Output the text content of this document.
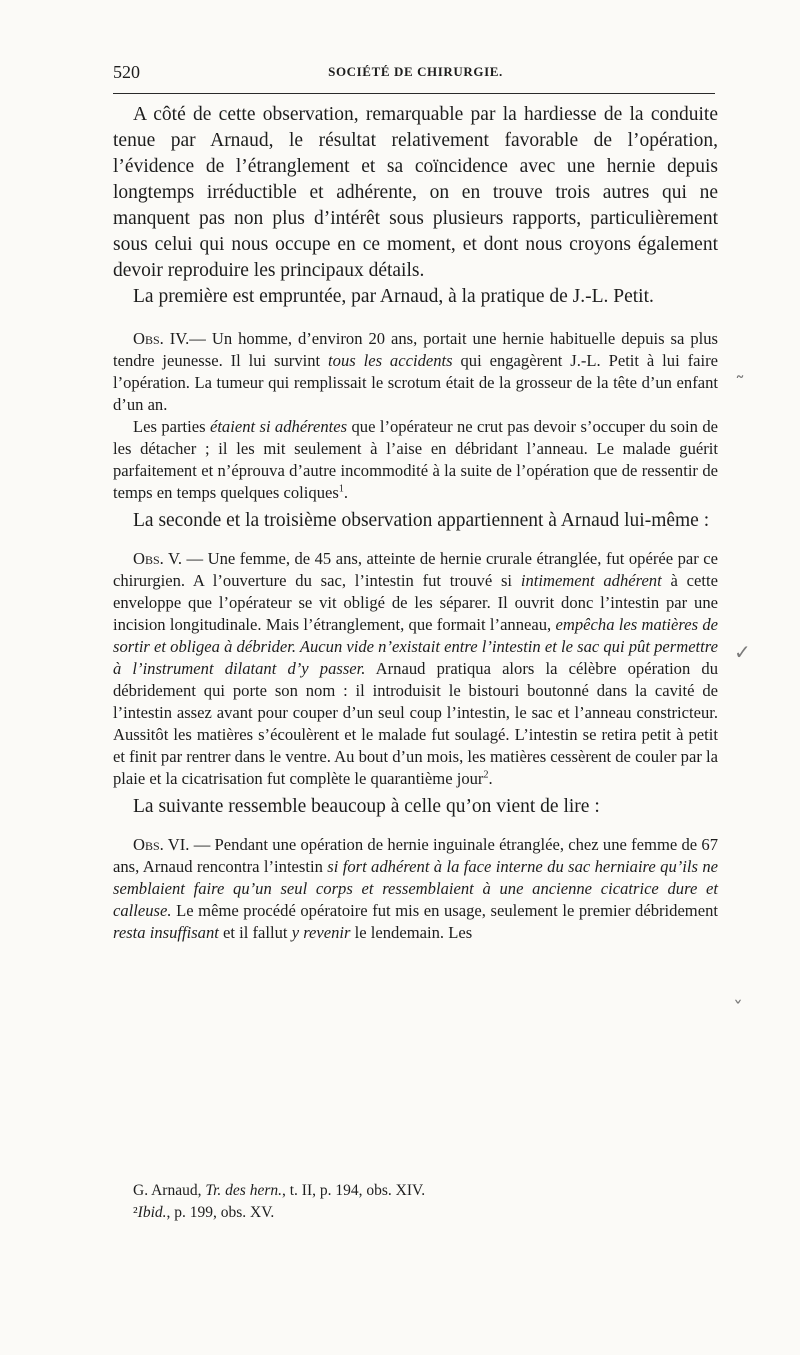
520	SOCIÉTÉ DE CHIRURGIE.

A côté de cette observation, remarquable par la hardiesse de la conduite tenue par Arnaud, le résultat relativement favorable de l’opération, l’évidence de l’étranglement et sa coïncidence avec une hernie depuis longtemps irréductible et adhérente, on en trouve trois autres qui ne manquent pas non plus d’intérêt sous plusieurs rapports, particulièrement sous celui qui nous occupe en ce moment, et dont nous croyons également devoir reproduire les principaux détails.

La première est empruntée, par Arnaud, à la pratique de J.-L. Petit.

Obs. IV.— Un homme, d’environ 20 ans, portait une hernie habituelle depuis sa plus tendre jeunesse. Il lui survint tous les accidents qui engagèrent J.-L. Petit à lui faire l’opération. La tumeur qui remplissait le scrotum était de la grosseur de la tête d’un enfant d’un an.

Les parties étaient si adhérentes que l’opérateur ne crut pas devoir s’occuper du soin de les détacher ; il les mit seulement à l’aise en débridant l’anneau. Le malade guérit parfaitement et n’éprouva d’autre incommodité à la suite de l’opération que de ressentir de temps en temps quelques coliques$^1$.

La seconde et la troisième observation appartiennent à Arnaud lui-même :

Obs. V. — Une femme, de 45 ans, atteinte de hernie crurale étranglée, fut opérée par ce chirurgien. A l’ouverture du sac, l’intestin fut trouvé si intimement adhérent à cette enveloppe que l’opérateur se vit obligé de les séparer. Il ouvrit donc l’intestin par une incision longitudinale. Mais l’étranglement, que formait l’anneau, empêcha les matières de sortir et obligea à débrider. Aucun vide n’existait entre l’intestin et le sac qui pût permettre à l’instrument dilatant d’y passer. Arnaud pratiqua alors la célèbre opération du débridement qui porte son nom : il introduisit le bistouri boutonné dans la cavité de l’intestin assez avant pour couper d’un seul coup l’intestin, le sac et l’anneau constricteur. Aussitôt les matières s’écoulèrent et le malade fut soulagé. L’intestin se retira petit à petit et finit par rentrer dans le ventre. Au bout d’un mois, les matières cessèrent de couler par la plaie et la cicatrisation fut complète le quarantième jour$^2$.

La suivante ressemble beaucoup à celle qu’on vient de lire :

Obs. VI. — Pendant une opération de hernie inguinale étranglée, chez une femme de 67 ans, Arnaud rencontra l’intestin si fort adhérent à la face interne du sac herniaire qu’ils ne semblaient faire qu’un seul corps et ressemblaient à une ancienne cicatrice dure et calleuse. Le même procédé opératoire fut mis en usage, seulement le premier débridement resta insuffisant et il fallut y revenir le lendemain. Les

G. Arnaud, Tr. des hern., t. II, p. 194, obs. XIV.
²Ibid., p. 199, obs. XV.
˜
✓
ˇ
